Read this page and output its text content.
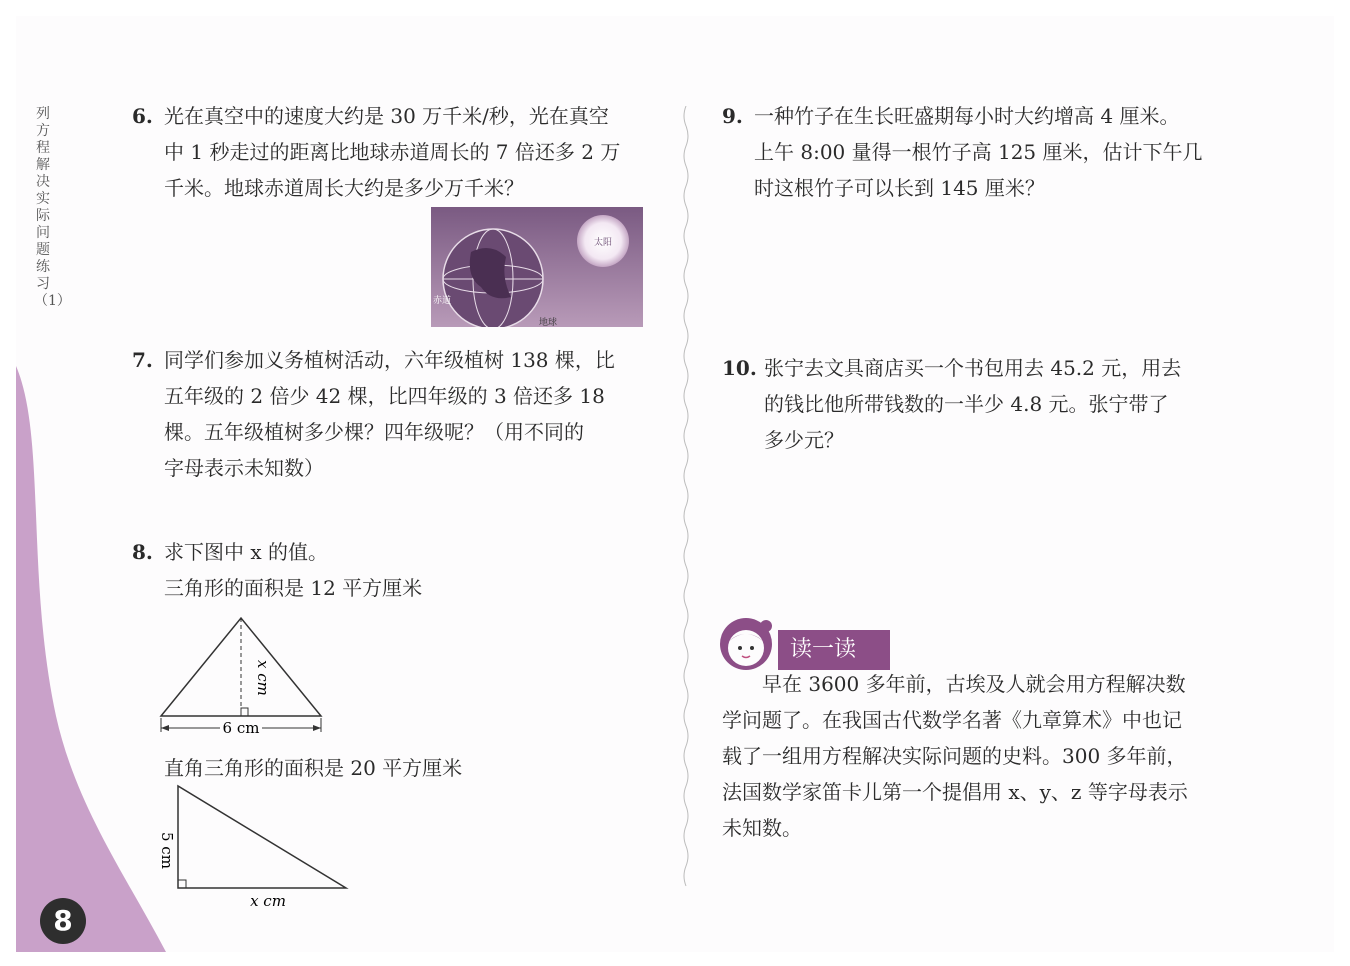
列方程解决实际问题练习（1）
8
6. 光在真空中的速度大约是 30 万千米/秒，光在真空
中 1 秒走过的距离比地球赤道周长的 7 倍还多 2 万
千米。地球赤道周长大约是多少万千米？
太阳
赤道
地球
7. 同学们参加义务植树活动，六年级植树 138 棵，比
五年级的 2 倍少 42 棵，比四年级的 3 倍还多 18
棵。五年级植树多少棵？四年级呢？（用不同的
字母表示未知数）
8. 求下图中 x 的值。
三角形的面积是 12 平方厘米
6 cm
x cm
直角三角形的面积是 20 平方厘米
5 cm
x cm
9. 一种竹子在生长旺盛期每小时大约增高 4 厘米。
上午 8:00 量得一根竹子高 125 厘米，估计下午几
时这根竹子可以长到 145 厘米？
10. 张宁去文具商店买一个书包用去 45.2 元，用去
的钱比他所带钱数的一半少 4.8 元。张宁带了
多少元？
读一读
　　早在 3600 多年前，古埃及人就会用方程解决数
学问题了。在我国古代数学名著《九章算术》中也记
载了一组用方程解决实际问题的史料。300 多年前，
法国数学家笛卡儿第一个提倡用 x、y、z 等字母表示
未知数。
